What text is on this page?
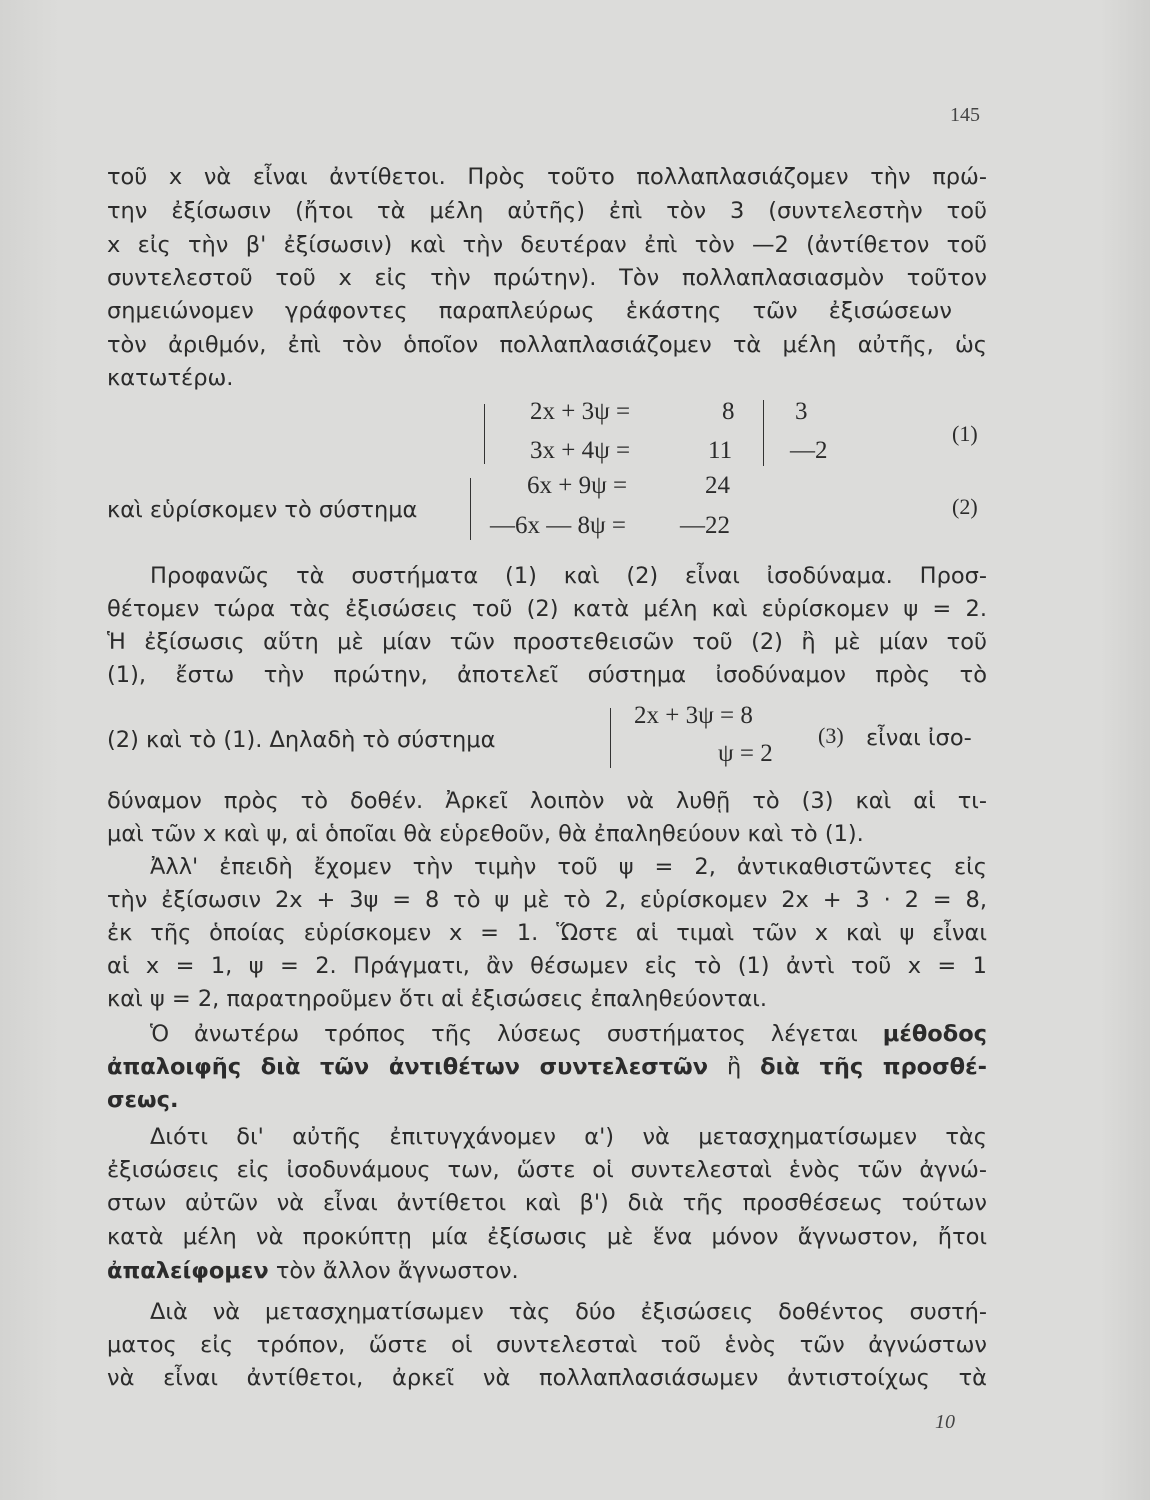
145
τοῦ x νὰ εἶναι ἀντίθετοι. Πρὸς τοῦτο πολλαπλασιάζομεν τὴν πρώ-
την ἐξίσωσιν (ἤτοι τὰ μέλη αὐτῆς) ἐπὶ τὸν 3 (συντελεστὴν τοῦ
x εἰς τὴν β' ἐξίσωσιν) καὶ τὴν δευτέραν ἐπὶ τὸν —2 (ἀντίθετον τοῦ
συντελεστοῦ τοῦ x εἰς τὴν πρώτην). Τὸν πολλαπλασιασμὸν τοῦτον
σημειώνομεν γράφοντες παραπλεύρως ἑκάστης τῶν ἐξισώσεων
τὸν ἀριθμόν, ἐπὶ τὸν ὁποῖον πολλαπλασιάζομεν τὰ μέλη αὐτῆς, ὡς
κατωτέρω.
2x + 3ψ =	8 3
3x + 4ψ =	11 —2
(1)
καὶ εὑρίσκομεν τὸ σύστημα
6x + 9ψ =	24
—6x — 8ψ = —22
(2)
Προφανῶς τὰ συστήματα (1) καὶ (2) εἶναι ἰσοδύναμα. Προσ-
θέτομεν τώρα τὰς ἐξισώσεις τοῦ (2) κατὰ μέλη καὶ εὑρίσκομεν ψ = 2.
Ἡ ἐξίσωσις αὕτη μὲ μίαν τῶν προστεθεισῶν τοῦ (2) ἢ μὲ μίαν τοῦ
(1), ἔστω τὴν πρώτην, ἀποτελεῖ σύστημα ἰσοδύναμον πρὸς τὸ
(2) καὶ τὸ (1). Δηλαδὴ τὸ σύστημα
2x + 3ψ = 8
ψ = 2
(3) εἶναι ἰσο-
δύναμον πρὸς τὸ δοθέν. Ἀρκεῖ λοιπὸν νὰ λυθῇ τὸ (3) καὶ αἱ τι-
μαὶ τῶν x καὶ ψ, αἱ ὁποῖαι θὰ εὑρεθοῦν, θὰ ἐπαληθεύουν καὶ τὸ (1).
Ἀλλ' ἐπειδὴ ἔχομεν τὴν τιμὴν τοῦ ψ = 2, ἀντικαθιστῶντες εἰς
τὴν ἐξίσωσιν 2x + 3ψ = 8 τὸ ψ μὲ τὸ 2, εὑρίσκομεν 2x + 3 · 2 = 8,
ἐκ τῆς ὁποίας εὑρίσκομεν x = 1. Ὥστε αἱ τιμαὶ τῶν x καὶ ψ εἶναι
αἱ x = 1, ψ = 2. Πράγματι, ἂν θέσωμεν εἰς τὸ (1) ἀντὶ τοῦ x = 1
καὶ ψ = 2, παρατηροῦμεν ὅτι αἱ ἐξισώσεις ἐπαληθεύονται.
Ὁ ἀνωτέρω τρόπος τῆς λύσεως συστήματος λέγεται μέθοδος
ἀπαλοιφῆς διὰ τῶν ἀντιθέτων συντελεστῶν ἢ διὰ τῆς προσθέ-
σεως.
Διότι δι' αὐτῆς ἐπιτυγχάνομεν α') νὰ μετασχηματίσωμεν τὰς
ἐξισώσεις εἰς ἰσοδυνάμους των, ὥστε οἱ συντελεσταὶ ἑνὸς τῶν ἀγνώ-
στων αὐτῶν νὰ εἶναι ἀντίθετοι καὶ β') διὰ τῆς προσθέσεως τούτων
κατὰ μέλη νὰ προκύπτῃ μία ἐξίσωσις μὲ ἕνα μόνον ἄγνωστον, ἤτοι
ἀπαλείφομεν τὸν ἄλλον ἄγνωστον.
Διὰ νὰ μετασχηματίσωμεν τὰς δύο ἐξισώσεις δοθέντος συστή-
ματος εἰς τρόπον, ὥστε οἱ συντελεσταὶ τοῦ ἑνὸς τῶν ἀγνώστων
νὰ εἶναι ἀντίθετοι, ἀρκεῖ νὰ πολλαπλασιάσωμεν ἀντιστοίχως τὰ
10
